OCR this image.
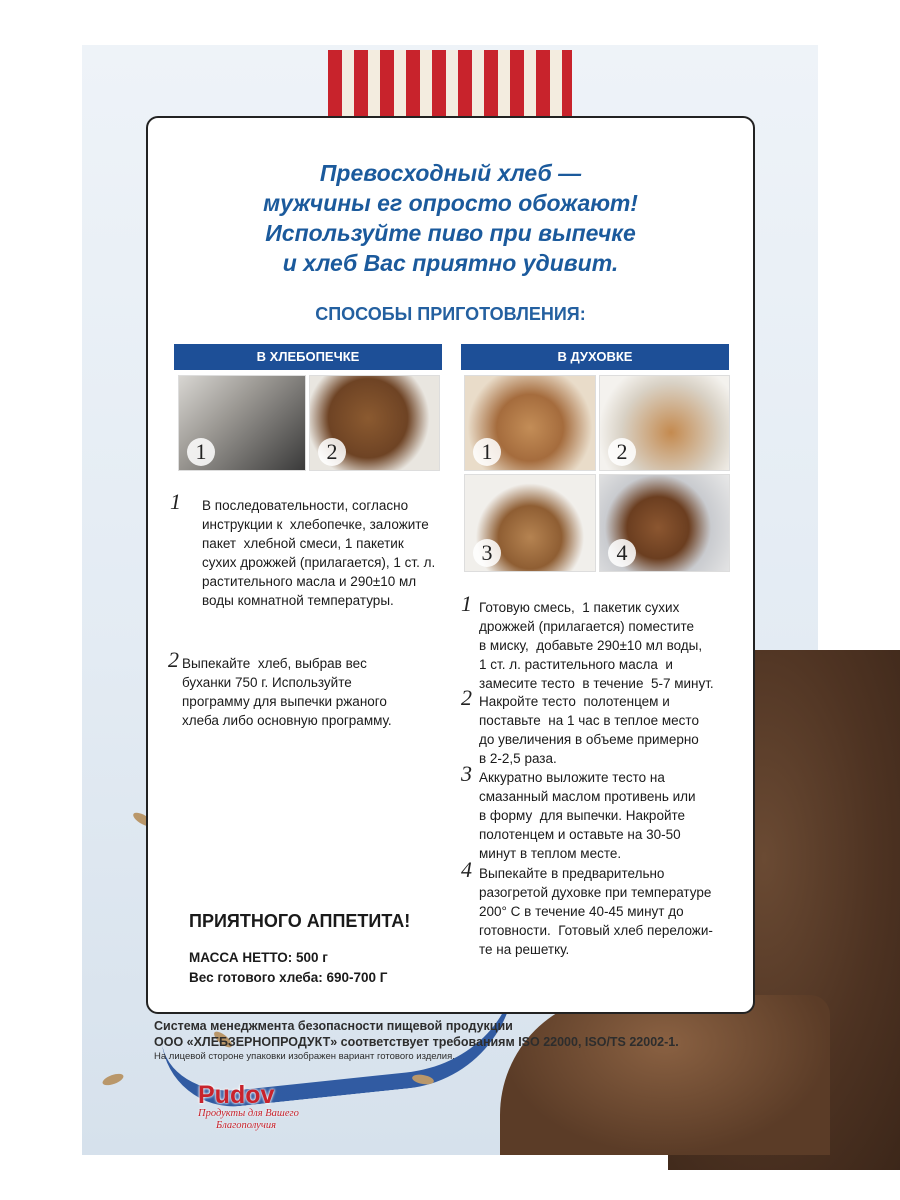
Превосходный хлеб —
мужчины ег опросто обожают!
Используйте пиво при выпечке
и хлеб Вас приятно удивит.
СПОСОБЫ ПРИГОТОВЛЕНИЯ:
В ХЛЕБОПЕЧКЕ	В ДУХОВКЕ
1	2	1	2
3	4
1 В последовательности, согласно
инструкции к  хлебопечке, заложите
пакет  хлебной смеси, 1 пакетик
сухих дрожжей (прилагается), 1 ст. л.
растительного масла и 290±10 мл
воды комнатной температуры.
2 Выпекайте  хлеб, выбрав вес
буханки 750 г. Используйте
программу для выпечки ржаного
хлеба либо основную программу.
1 Готовую смесь,  1 пакетик сухих
дрожжей (прилагается) поместите
в миску,  добавьте 290±10 мл воды,
1 ст. л. растительного масла  и
замесите тесто  в течение  5-7 минут.
2 Накройте тесто  полотенцем и
поставьте  на 1 час в теплое место
до увеличения в объеме примерно
в 2-2,5 раза.
3 Аккуратно выложите тесто на
смазанный маслом противень или
в форму  для выпечки. Накройте
полотенцем и оставьте на 30-50
минут в теплом месте.
4 Выпекайте в предварительно
разогретой духовке при температуре
200° С в течение 40-45 минут до
готовности.  Готовый хлеб переложи-
те на решетку.
ПРИЯТНОГО АППЕТИТА!
МАССА НЕТТО: 500 г
Вес готового хлеба: 690-700 Г
Система менеджмента безопасности пищевой продукции
ООО «ХЛЕБЗЕРНОПРОДУКТ» соответствует требованиям ISO 22000, ISO/TS 22002-1.
На лицевой стороне упаковки изображен вариант готового изделия.
Pudov
Продукты для Вашего
Благополучия
